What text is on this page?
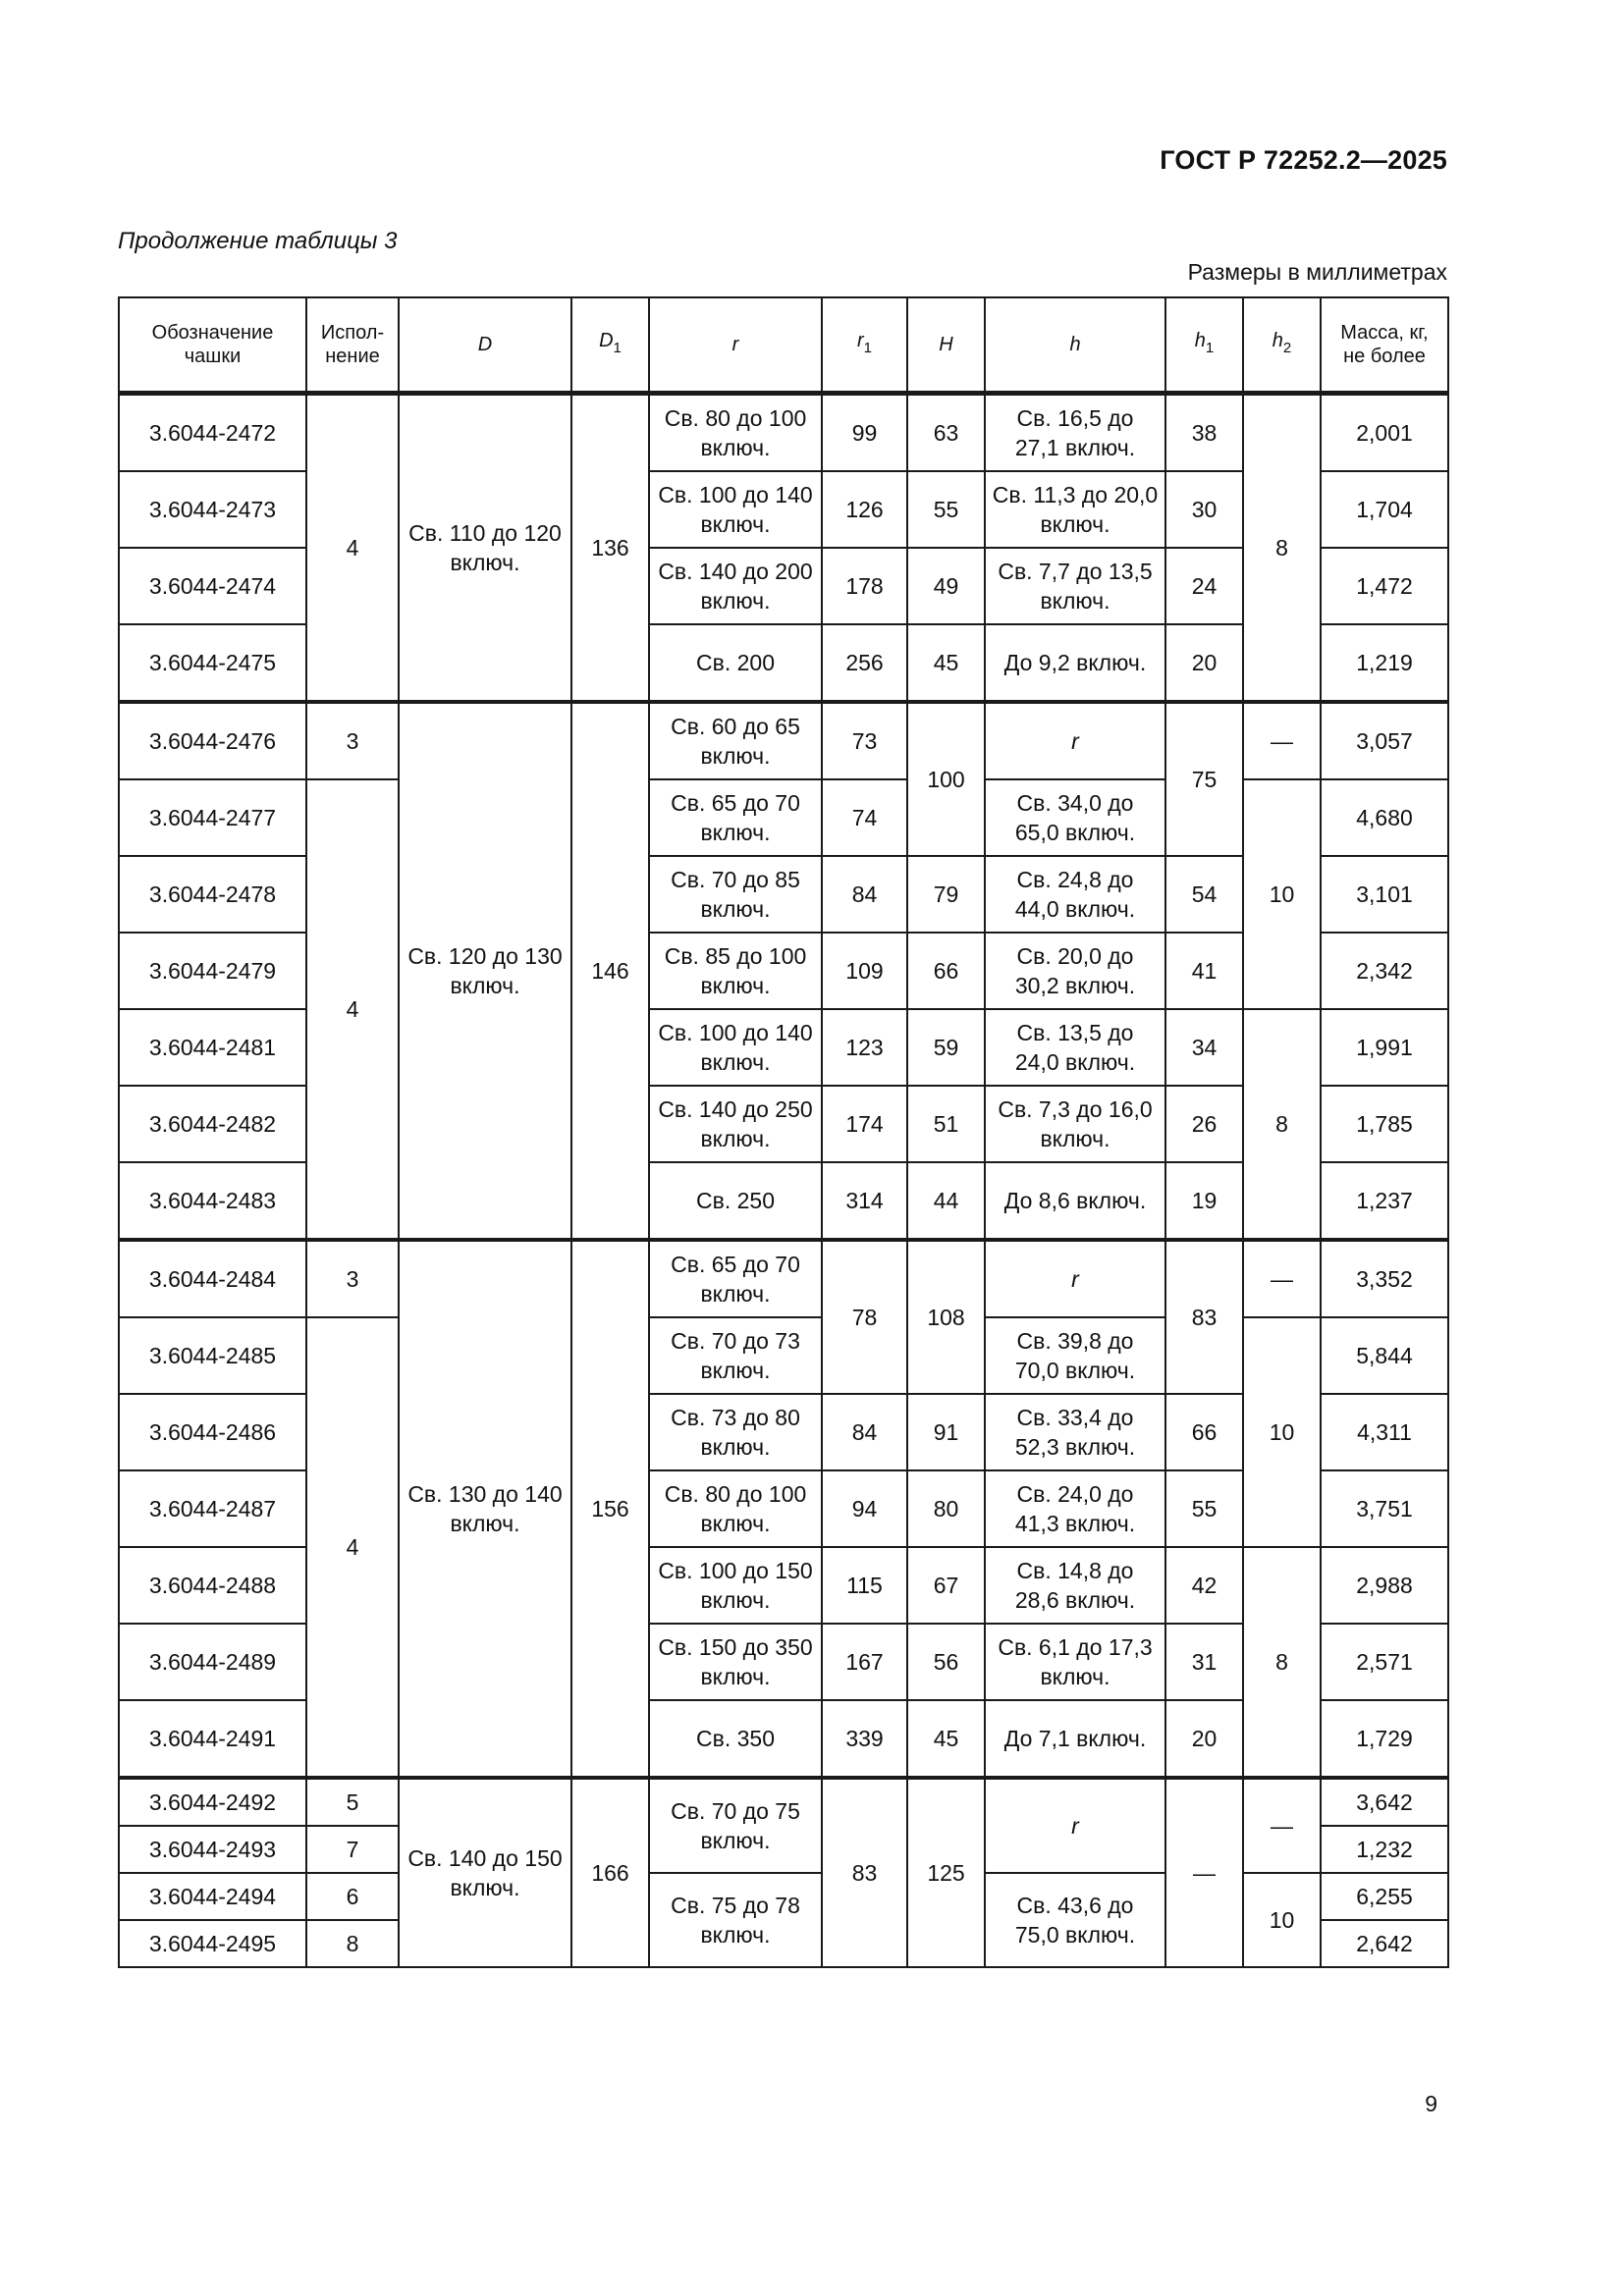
ГОСТ Р 72252.2—2025
Продолжение таблицы 3
Размеры в миллиметрах
Обозначение чашки	Испол-нение	D	$D_1$	r	$r_1$	H	h	$h_1$	$h_2$	Масса, кг, не более
3.6044-2472	4	Св. 110 до 120 включ.	136	Св. 80 до 100 включ.	99	63	Св. 16,5 до 27,1 включ.	38	8	2,001
3.6044-2473				Св. 100 до 140 включ.	126	55	Св. 11,3 до 20,0 включ.	30		1,704
3.6044-2474				Св. 140 до 200 включ.	178	49	Св. 7,7 до 13,5 включ.	24		1,472
3.6044-2475				Св. 200	256	45	До 9,2 включ.	20		1,219
3.6044-2476	3	Св. 120 до 130 включ.	146	Св. 60 до 65 включ.	73	100	r	75	—	3,057
3.6044-2477	4			Св. 65 до 70 включ.	74		Св. 34,0 до 65,0 включ.		10	4,680
3.6044-2478				Св. 70 до 85 включ.	84	79	Св. 24,8 до 44,0 включ.	54		3,101
3.6044-2479				Св. 85 до 100 включ.	109	66	Св. 20,0 до 30,2 включ.	41		2,342
3.6044-2481				Св. 100 до 140 включ.	123	59	Св. 13,5 до 24,0 включ.	34	8	1,991
3.6044-2482				Св. 140 до 250 включ.	174	51	Св. 7,3 до 16,0 включ.	26		1,785
3.6044-2483				Св. 250	314	44	До 8,6 включ.	19		1,237
3.6044-2484	3	Св. 130 до 140 включ.	156	Св. 65 до 70 включ.	78	108	r	83	—	3,352
3.6044-2485	4			Св. 70 до 73 включ.			Св. 39,8 до 70,0 включ.		10	5,844
3.6044-2486				Св. 73 до 80 включ.	84	91	Св. 33,4 до 52,3 включ.	66		4,311
3.6044-2487				Св. 80 до 100 включ.	94	80	Св. 24,0 до 41,3 включ.	55		3,751
3.6044-2488				Св. 100 до 150 включ.	115	67	Св. 14,8 до 28,6 включ.	42	8	2,988
3.6044-2489				Св. 150 до 350 включ.	167	56	Св. 6,1 до 17,3 включ.	31		2,571
3.6044-2491				Св. 350	339	45	До 7,1 включ.	20		1,729
3.6044-2492	5	Св. 140 до 150 включ.	166	Св. 70 до 75 включ.	83	125	r	—	—	3,642
3.6044-2493	7									1,232
3.6044-2494	6			Св. 75 до 78 включ.			Св. 43,6 до 75,0 включ.		10	6,255
3.6044-2495	8									2,642
9
